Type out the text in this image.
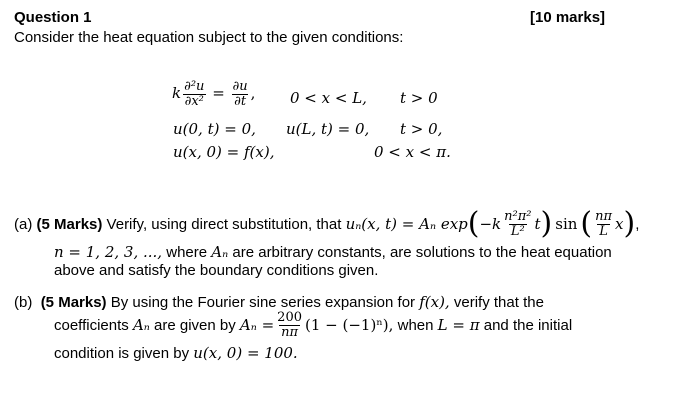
Question 1	[10 marks]
Consider the heat equation subject to the given conditions:
k $\frac{\text{∂²u}}{\text{∂x²}} = \frac{\partial u}{\partial t}$ , 0 < x < L, t > 0
u(0, t) = 0, u(L, t) = 0, t > 0,
u(x, 0) = f(x),	0 < x < π.
(a)
(5 Marks)
Verify, using direct substitution, that
uₙ(x, t) = Aₙ exp ( $-k \frac{\text{n²π²}}{\text{L²}}$ t ) sin ( $\frac{n\pi}{L}$ x ) ,
n = 1, 2, 3, ..., where Aₙ are arbitrary constants, are solutions to the heat equation
above and satisfy the boundary conditions given.
(b) (5 Marks) By using the Fourier sine series expansion for f(x), verify that the
coefficients
Aₙ
are given by
$A_n = \frac{200}{n\pi} (1 - (-1)^n)$,
when
L = π
and the initial
condition is given by u(x, 0) = 100.
